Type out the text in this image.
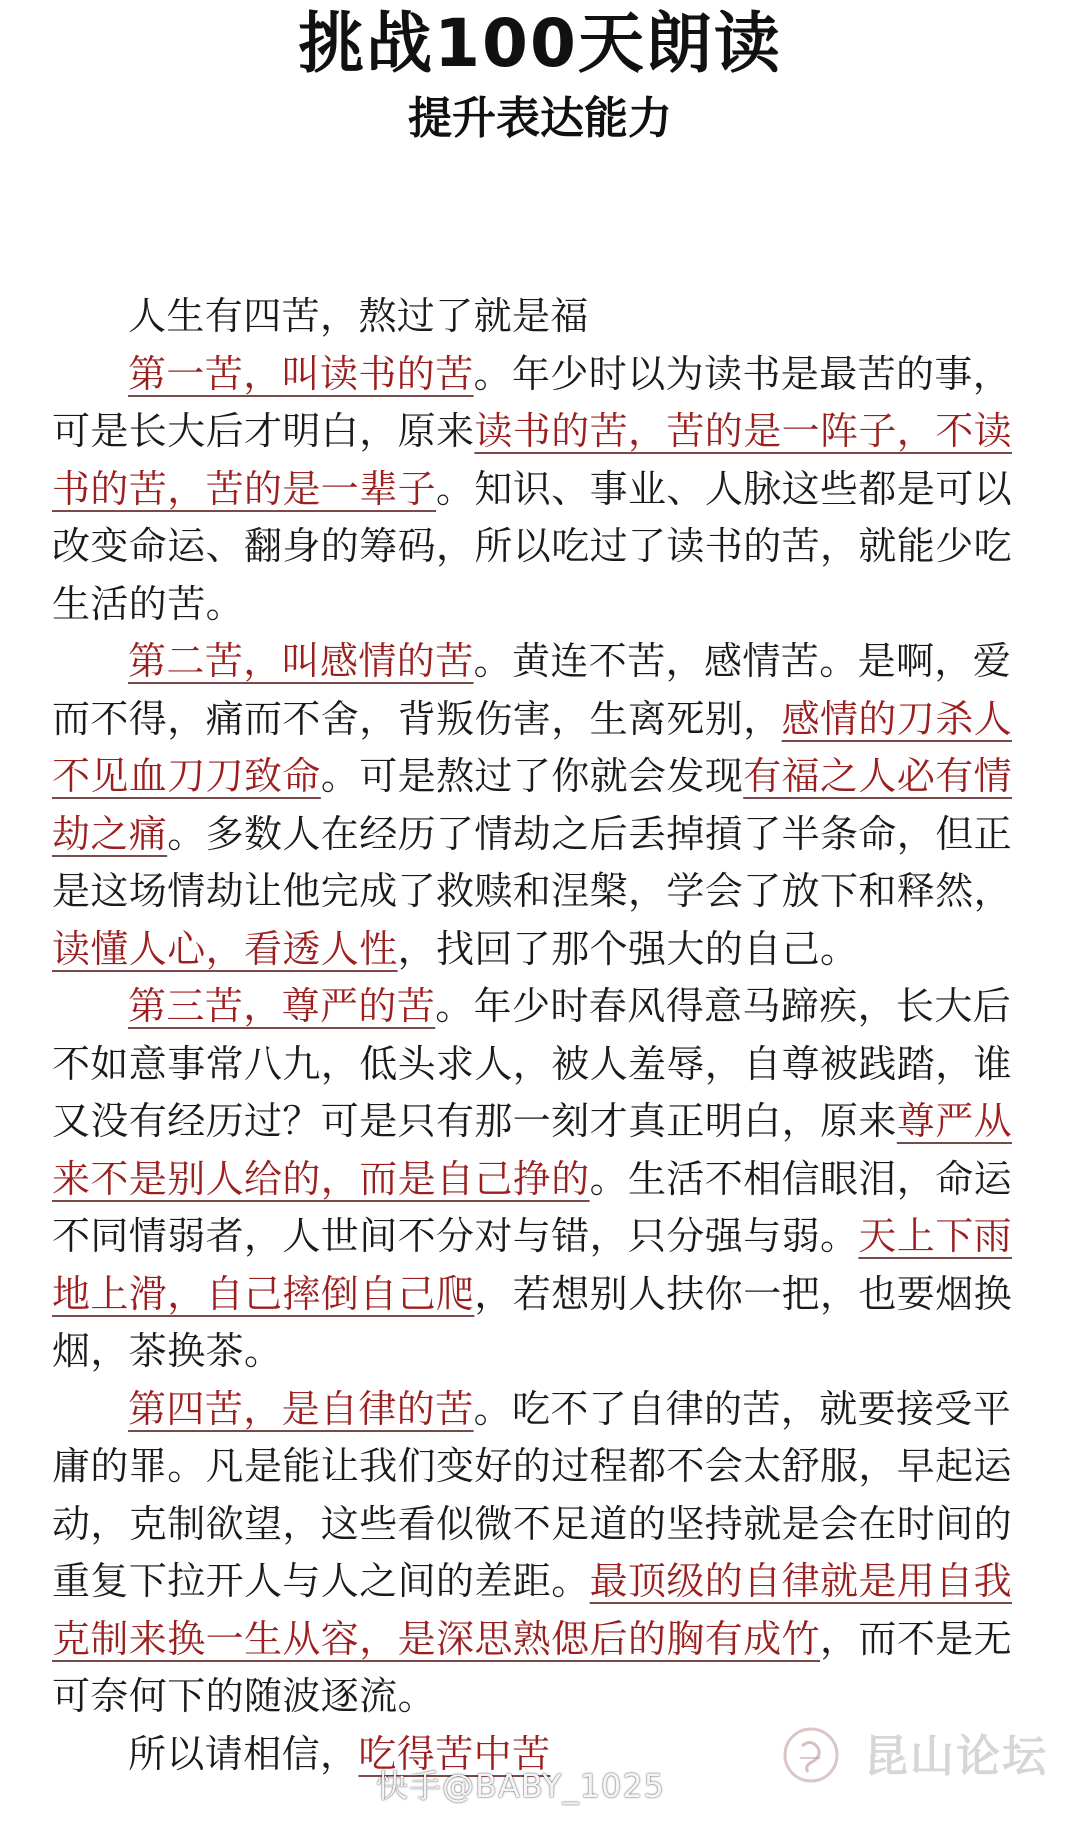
挑战100天朗读
提升表达能力

人生有四苦，熬过了就是福

第一苦，叫读书的苦。年少时以为读书是最苦的事，可是长大后才明白，原来读书的苦，苦的是一阵子，不读书的苦，苦的是一辈子。知识、事业、人脉这些都是可以改变命运、翻身的筹码，所以吃过了读书的苦，就能少吃生活的苦。

第二苦，叫感情的苦。黄连不苦，感情苦。是啊，爱而不得，痛而不舍，背叛伤害，生离死别，感情的刀杀人不见血刀刀致命。可是熬过了你就会发现有福之人必有情劫之痛。多数人在经历了情劫之后丢掉摃了半条命，但正是这场情劫让他完成了救赎和涅槃，学会了放下和释然，读懂人心，看透人性，找回了那个强大的自己。

第三苦，尊严的苦。年少时春风得意马蹄疾，长大后不如意事常八九，低头求人，被人羞辱，自尊被践踏，谁又没有经历过？可是只有那一刻才真正明白，原来尊严从来不是别人给的，而是自己挣的。生活不相信眼泪，命运不同情弱者，人世间不分对与错，只分强与弱。天上下雨地上滑，自己摔倒自己爬，若想别人扶你一把，也要烟换烟，茶换茶。

第四苦，是自律的苦。吃不了自律的苦，就要接受平庸的罪。凡是能让我们变好的过程都不会太舒服，早起运动，克制欲望，这些看似微不足道的坚持就是会在时间的重复下拉开人与人之间的差距。最顶级的自律就是用自我克制来换一生从容，是深思熟偲后的胸有成竹，而不是无可奈何下的随波逐流。

所以请相信，吃得苦中苦

快手@BABY_1025
昆山论坛
